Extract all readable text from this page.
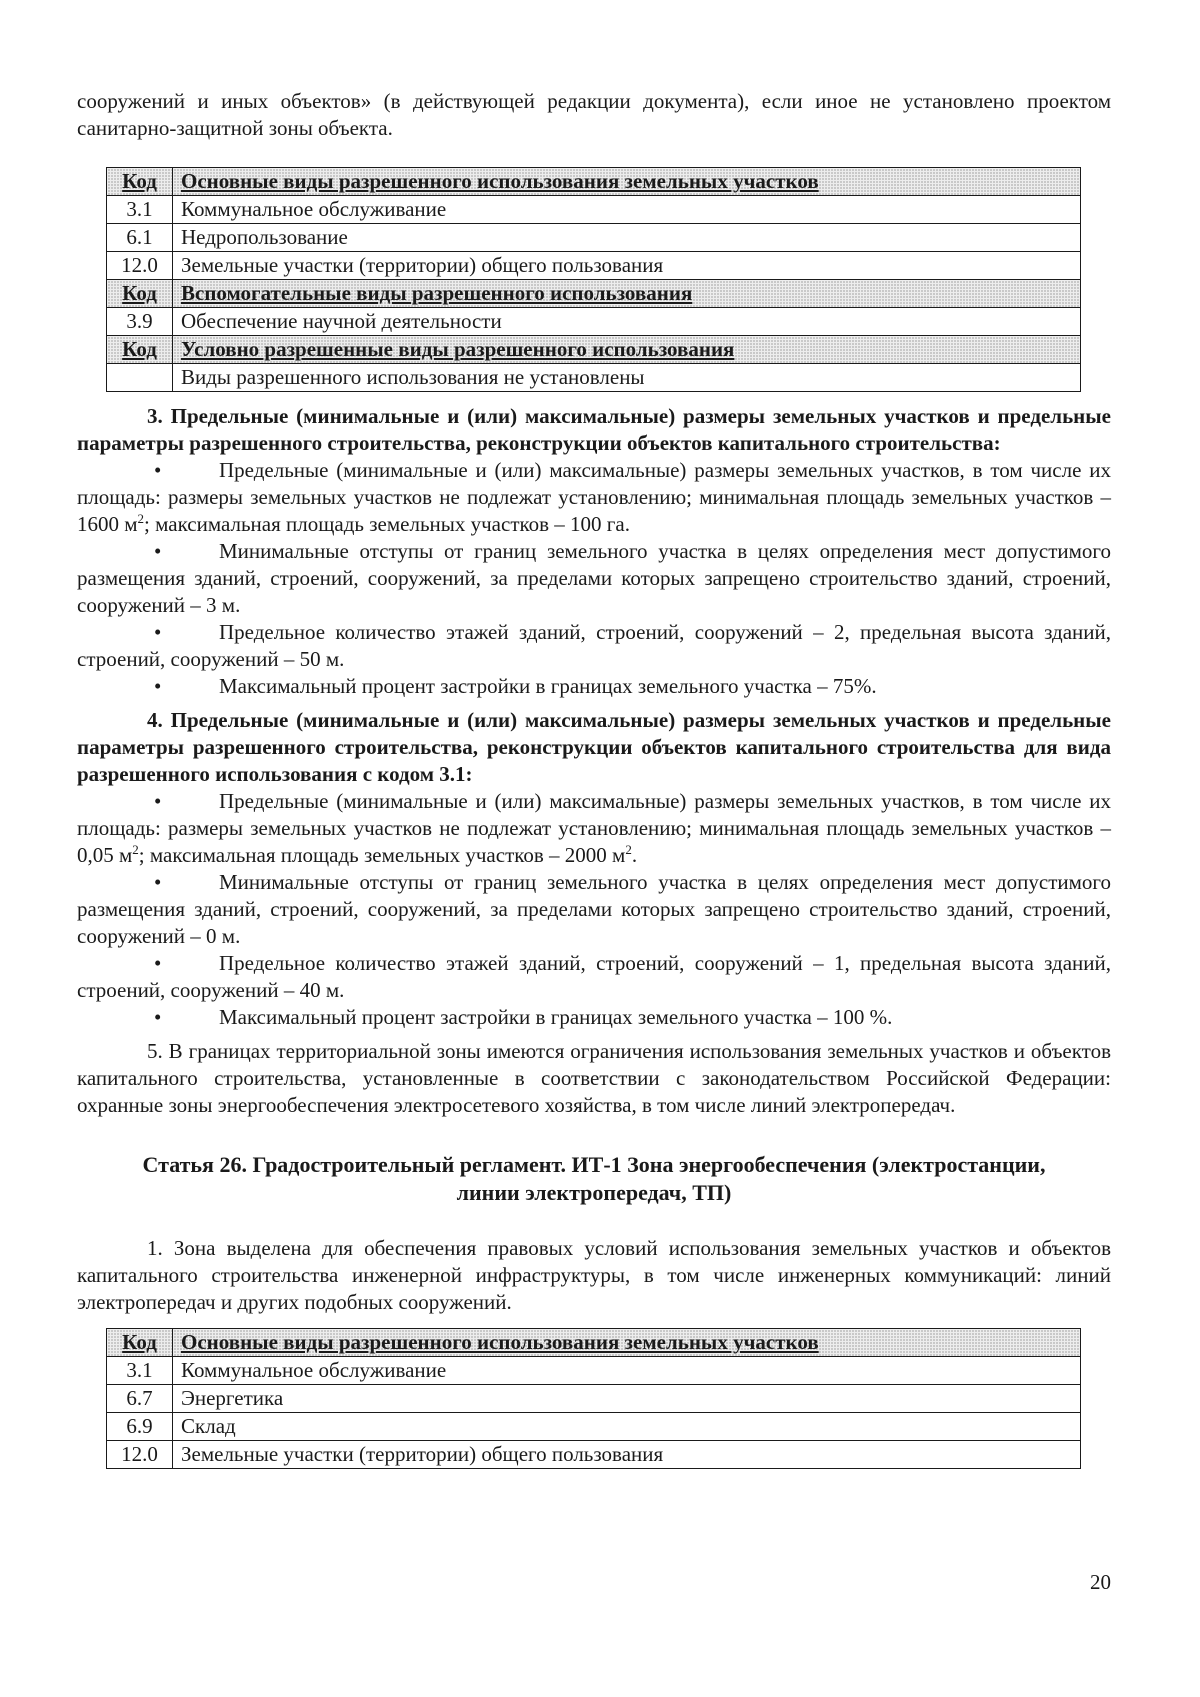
сооружений и иных объектов» (в действующей редакции документа), если иное не установлено проектом санитарно-защитной зоны объекта.

Код	Основные виды разрешенного использования земельных участков
3.1	Коммунальное обслуживание
6.1	Недропользование
12.0	Земельные участки (территории) общего пользования
Код	Вспомогательные виды разрешенного использования
3.9	Обеспечение научной деятельности
Код	Условно разрешенные виды разрешенного использования
	Виды разрешенного использования не установлены

3. Предельные (минимальные и (или) максимальные) размеры земельных участков и предельные параметры разрешенного строительства, реконструкции объектов капитального строительства:

•	Предельные (минимальные и (или) максимальные) размеры земельных участков, в том числе их площадь: размеры земельных участков не подлежат установлению; минимальная площадь земельных участков – 1600 $м^2$; максимальная площадь земельных участков – 100 га.

•	Минимальные отступы от границ земельного участка в целях определения мест допустимого размещения зданий, строений, сооружений, за пределами которых запрещено строительство зданий, строений, сооружений – 3 м.

•	Предельное количество этажей зданий, строений, сооружений – 2, предельная высота зданий, строений, сооружений – 50 м.

•	Максимальный процент застройки в границах земельного участка – 75%.

4. Предельные (минимальные и (или) максимальные) размеры земельных участков и предельные параметры разрешенного строительства, реконструкции объектов капитального строительства для вида разрешенного использования с кодом 3.1:

•	Предельные (минимальные и (или) максимальные) размеры земельных участков, в том числе их площадь: размеры земельных участков не подлежат установлению; минимальная площадь земельных участков – 0,05 $м^2$; максимальная площадь земельных участков – 2000 $м^2$.

•	Минимальные отступы от границ земельного участка в целях определения мест допустимого размещения зданий, строений, сооружений, за пределами которых запрещено строительство зданий, строений, сооружений – 0 м.

•	Предельное количество этажей зданий, строений, сооружений – 1, предельная высота зданий, строений, сооружений – 40 м.

•	Максимальный процент застройки в границах земельного участка – 100 %.

5. В границах территориальной зоны имеются ограничения использования земельных участков и объектов капитального строительства, установленные в соответствии с законодательством Российской Федерации: охранные зоны энергообеспечения электросетевого хозяйства, в том числе линий электропередач.

Статья 26. Градостроительный регламент. ИТ-1 Зона энергообеспечения (электростанции,
линии электропередач, ТП)

1. Зона выделена для обеспечения правовых условий использования земельных участков и объектов капитального строительства инженерной инфраструктуры, в том числе инженерных коммуникаций: линий электропередач и других подобных сооружений.

Код	Основные виды разрешенного использования земельных участков
3.1	Коммунальное обслуживание
6.7	Энергетика
6.9	Склад
12.0	Земельные участки (территории) общего пользования
20
